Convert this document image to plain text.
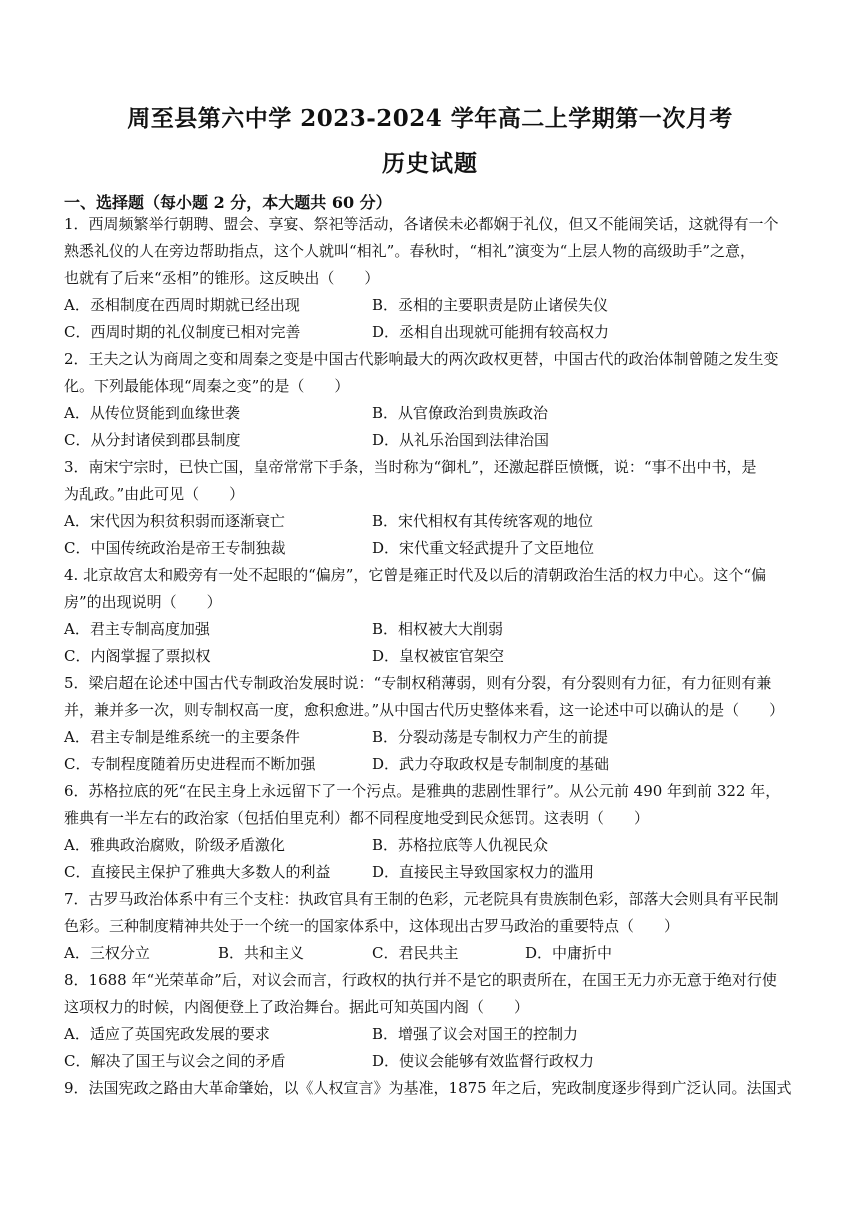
周至县第六中学 2023-2024 学年高二上学期第一次月考
历史试题
一、选择题（每小题 2 分，本大题共 60 分）
1．西周频繁举行朝聘、盟会、享宴、祭祀等活动，各诸侯未必都娴于礼仪，但又不能闹笑话，这就得有一个
熟悉礼仪的人在旁边帮助指点，这个人就叫“相礼”。春秋时，“相礼”演变为“上层人物的高级助手”之意，
也就有了后来“丞相”的锥形。这反映出（　　）
A．丞相制度在西周时期就已经出现	B．丞相的主要职责是防止诸侯失仪
C．西周时期的礼仪制度已相对完善	D．丞相自出现就可能拥有较高权力
2．王夫之认为商周之变和周秦之变是中国古代影响最大的两次政权更替，中国古代的政治体制曾随之发生变
化。下列最能体现“周秦之变”的是（　　）
A．从传位贤能到血缘世袭	B．从官僚政治到贵族政治
C．从分封诸侯到郡县制度	D．从礼乐治国到法律治国
3．南宋宁宗时，已快亡国，皇帝常常下手条，当时称为“御札”，还激起群臣愤慨，说：“事不出中书，是
为乱政。”由此可见（　　）
A．宋代因为积贫积弱而逐渐衰亡	B．宋代相权有其传统客观的地位
C．中国传统政治是帝王专制独裁	D．宋代重文轻武提升了文臣地位
4. 北京故宫太和殿旁有一处不起眼的“偏房”，它曾是雍正时代及以后的清朝政治生活的权力中心。这个“偏
房”的出现说明（　　）
A．君主专制高度加强	B．相权被大大削弱
C．内阁掌握了票拟权	D．皇权被宦官架空
5．梁启超在论述中国古代专制政治发展时说：“专制权稍薄弱，则有分裂，有分裂则有力征，有力征则有兼
并，兼并多一次，则专制权高一度，愈积愈进。”从中国古代历史整体来看，这一论述中可以确认的是（　　）
A．君主专制是维系统一的主要条件	B．分裂动荡是专制权力产生的前提
C．专制程度随着历史进程而不断加强	D．武力夺取政权是专制制度的基础
6．苏格拉底的死“在民主身上永远留下了一个污点。是雅典的悲剧性罪行”。从公元前 490 年到前 322 年，
雅典有一半左右的政治家（包括伯里克利）都不同程度地受到民众惩罚。这表明（　　）
A．雅典政治腐败，阶级矛盾激化	B．苏格拉底等人仇视民众
C．直接民主保护了雅典大多数人的利益	D．直接民主导致国家权力的滥用
7．古罗马政治体系中有三个支柱：执政官具有王制的色彩，元老院具有贵族制色彩，部落大会则具有平民制
色彩。三种制度精神共处于一个统一的国家体系中，这体现出古罗马政治的重要特点（　　）
A．三权分立	B．共和主义	C．君民共主	D．中庸折中
8．1688 年“光荣革命”后，对议会而言，行政权的执行并不是它的职责所在，在国王无力亦无意于绝对行使
这项权力的时候，内阁便登上了政治舞台。据此可知英国内阁（　　）
A．适应了英国宪政发展的要求	B．增强了议会对国王的控制力
C．解决了国王与议会之间的矛盾	D．使议会能够有效监督行政权力
9．法国宪政之路由大革命肇始，以《人权宣言》为基准，1875 年之后，宪政制度逐步得到广泛认同。法国式
